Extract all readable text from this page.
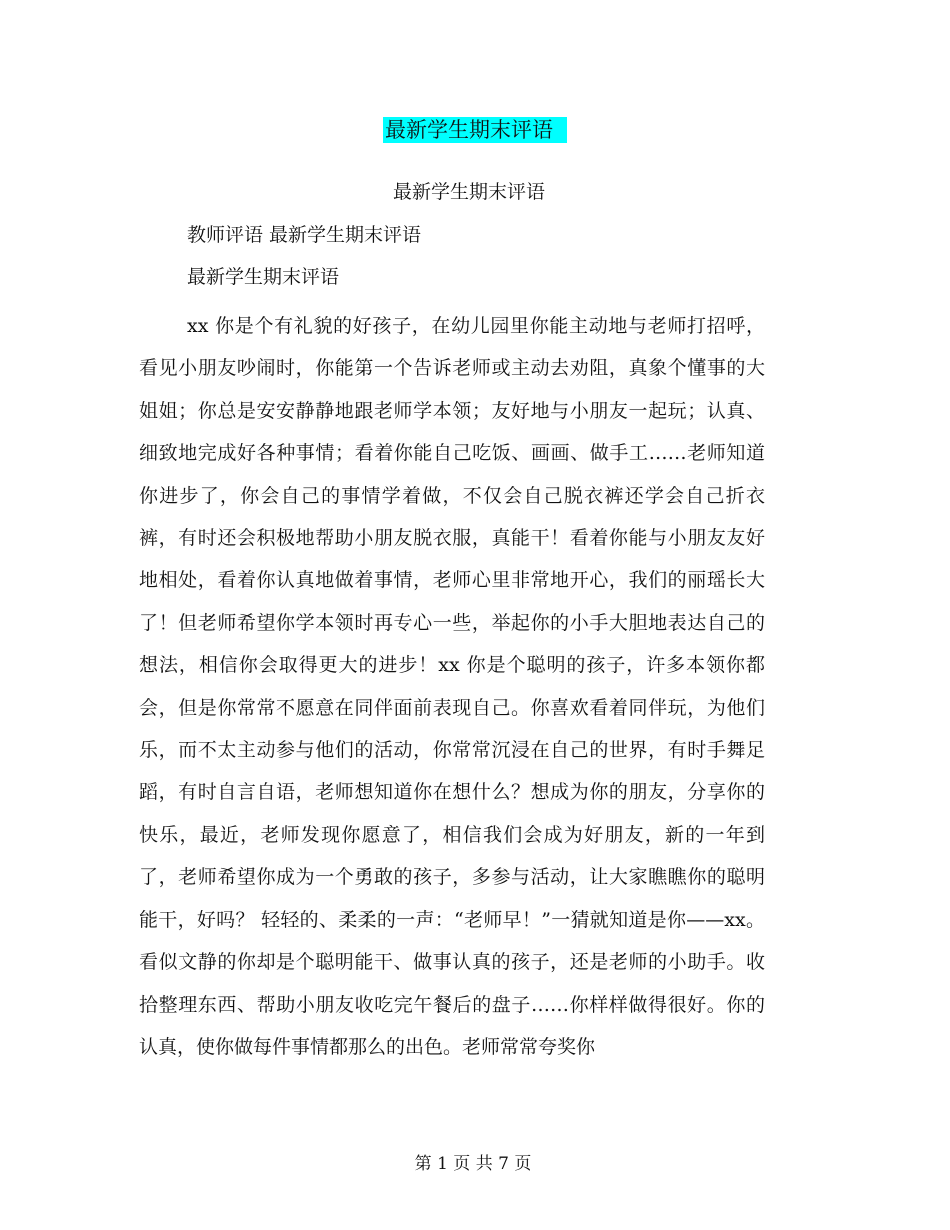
最新学生期末评语
最新学生期末评语
教师评语 最新学生期末评语
最新学生期末评语

xx 你是个有礼貌的好孩子，在幼儿园里你能主动地与老师打招呼，看见小朋友吵闹时，你能第一个告诉老师或主动去劝阻，真象个懂事的大姐姐；你总是安安静静地跟老师学本领；友好地与小朋友一起玩；认真、细致地完成好各种事情；看着你能自己吃饭、画画、做手工……老师知道你进步了，你会自己的事情学着做，不仅会自己脱衣裤还学会自己折衣裤，有时还会积极地帮助小朋友脱衣服，真能干！看着你能与小朋友友好地相处，看着你认真地做着事情，老师心里非常地开心，我们的丽瑶长大了！但老师希望你学本领时再专心一些，举起你的小手大胆地表达自己的想法，相信你会取得更大的进步！xx 你是个聪明的孩子，许多本领你都会，但是你常常不愿意在同伴面前表现自己。你喜欢看着同伴玩，为他们乐，而不太主动参与他们的活动，你常常沉浸在自己的世界，有时手舞足蹈，有时自言自语，老师想知道你在想什么？想成为你的朋友，分享你的快乐，最近，老师发现你愿意了，相信我们会成为好朋友，新的一年到了，老师希望你成为一个勇敢的孩子，多参与活动，让大家瞧瞧你的聪明能干，好吗？ 轻轻的、柔柔的一声：“老师早！”一猜就知道是你——xx。看似文静的你却是个聪明能干、做事认真的孩子，还是老师的小助手。收拾整理东西、帮助小朋友收吃完午餐后的盘子……你样样做得很好。你的认真，使你做每件事情都那么的出色。老师常常夸奖你

第 1 页 共 7 页
